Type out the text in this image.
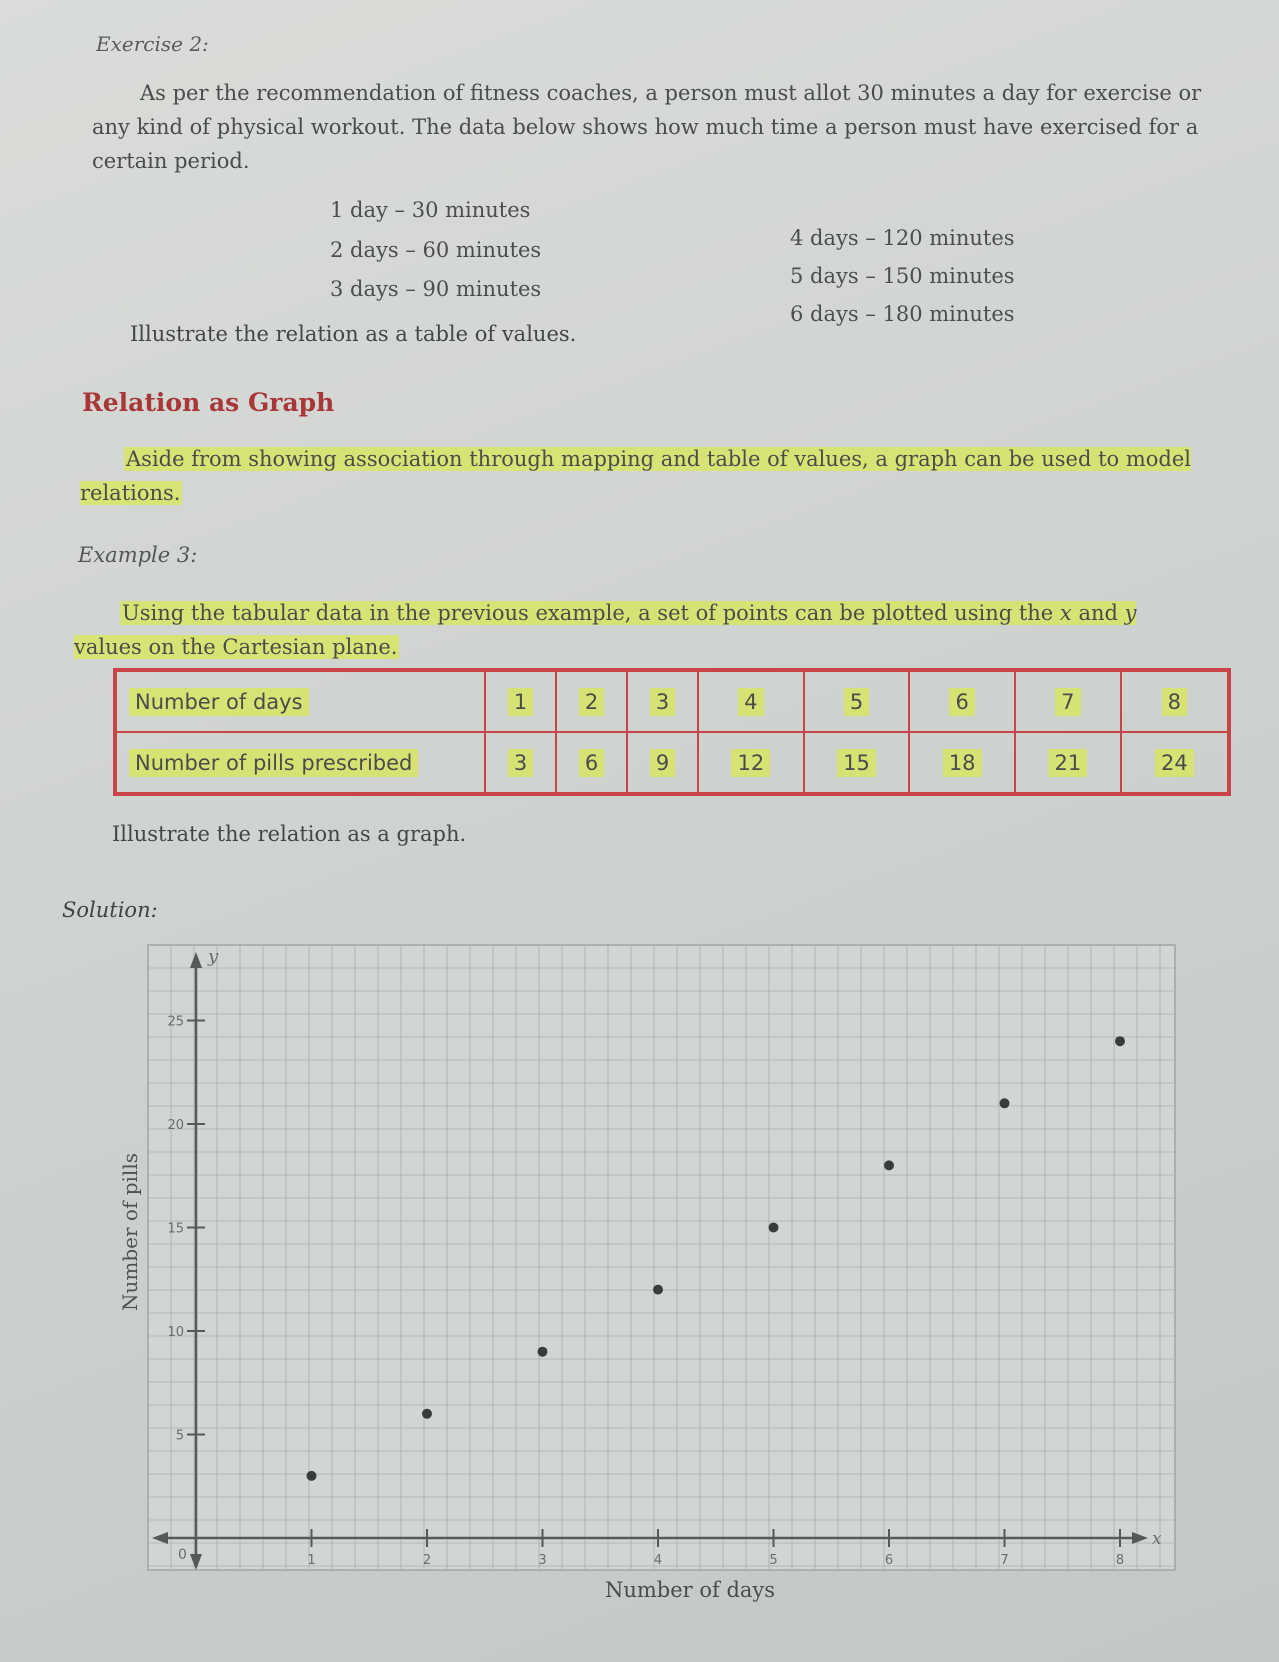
Exercise 2:
As per the recommendation of fitness coaches, a person must allot 30 minutes a day for exercise or any kind of physical workout. The data below shows how much time a person must have exercised for a certain period.
1 day – 30 minutes
2 days – 60 minutes
3 days – 90 minutes
4 days – 120 minutes
5 days – 150 minutes
6 days – 180 minutes
Illustrate the relation as a table of values.
Relation as Graph
Aside from showing association through mapping and table of values, a graph can be used to model relations.
Example 3:
Using the tabular data in the previous example, a set of points can be plotted using the x and y values on the Cartesian plane.
Number of days	1	2	3	4	5	6	7	8
Number of pills prescribed	3	6	9	12	15	18	21	24
Illustrate the relation as a graph.
Solution:
x
y
0	1	2	3	4	5	6	7	8
5
10
15
20
25
Number of pills
Number of days
